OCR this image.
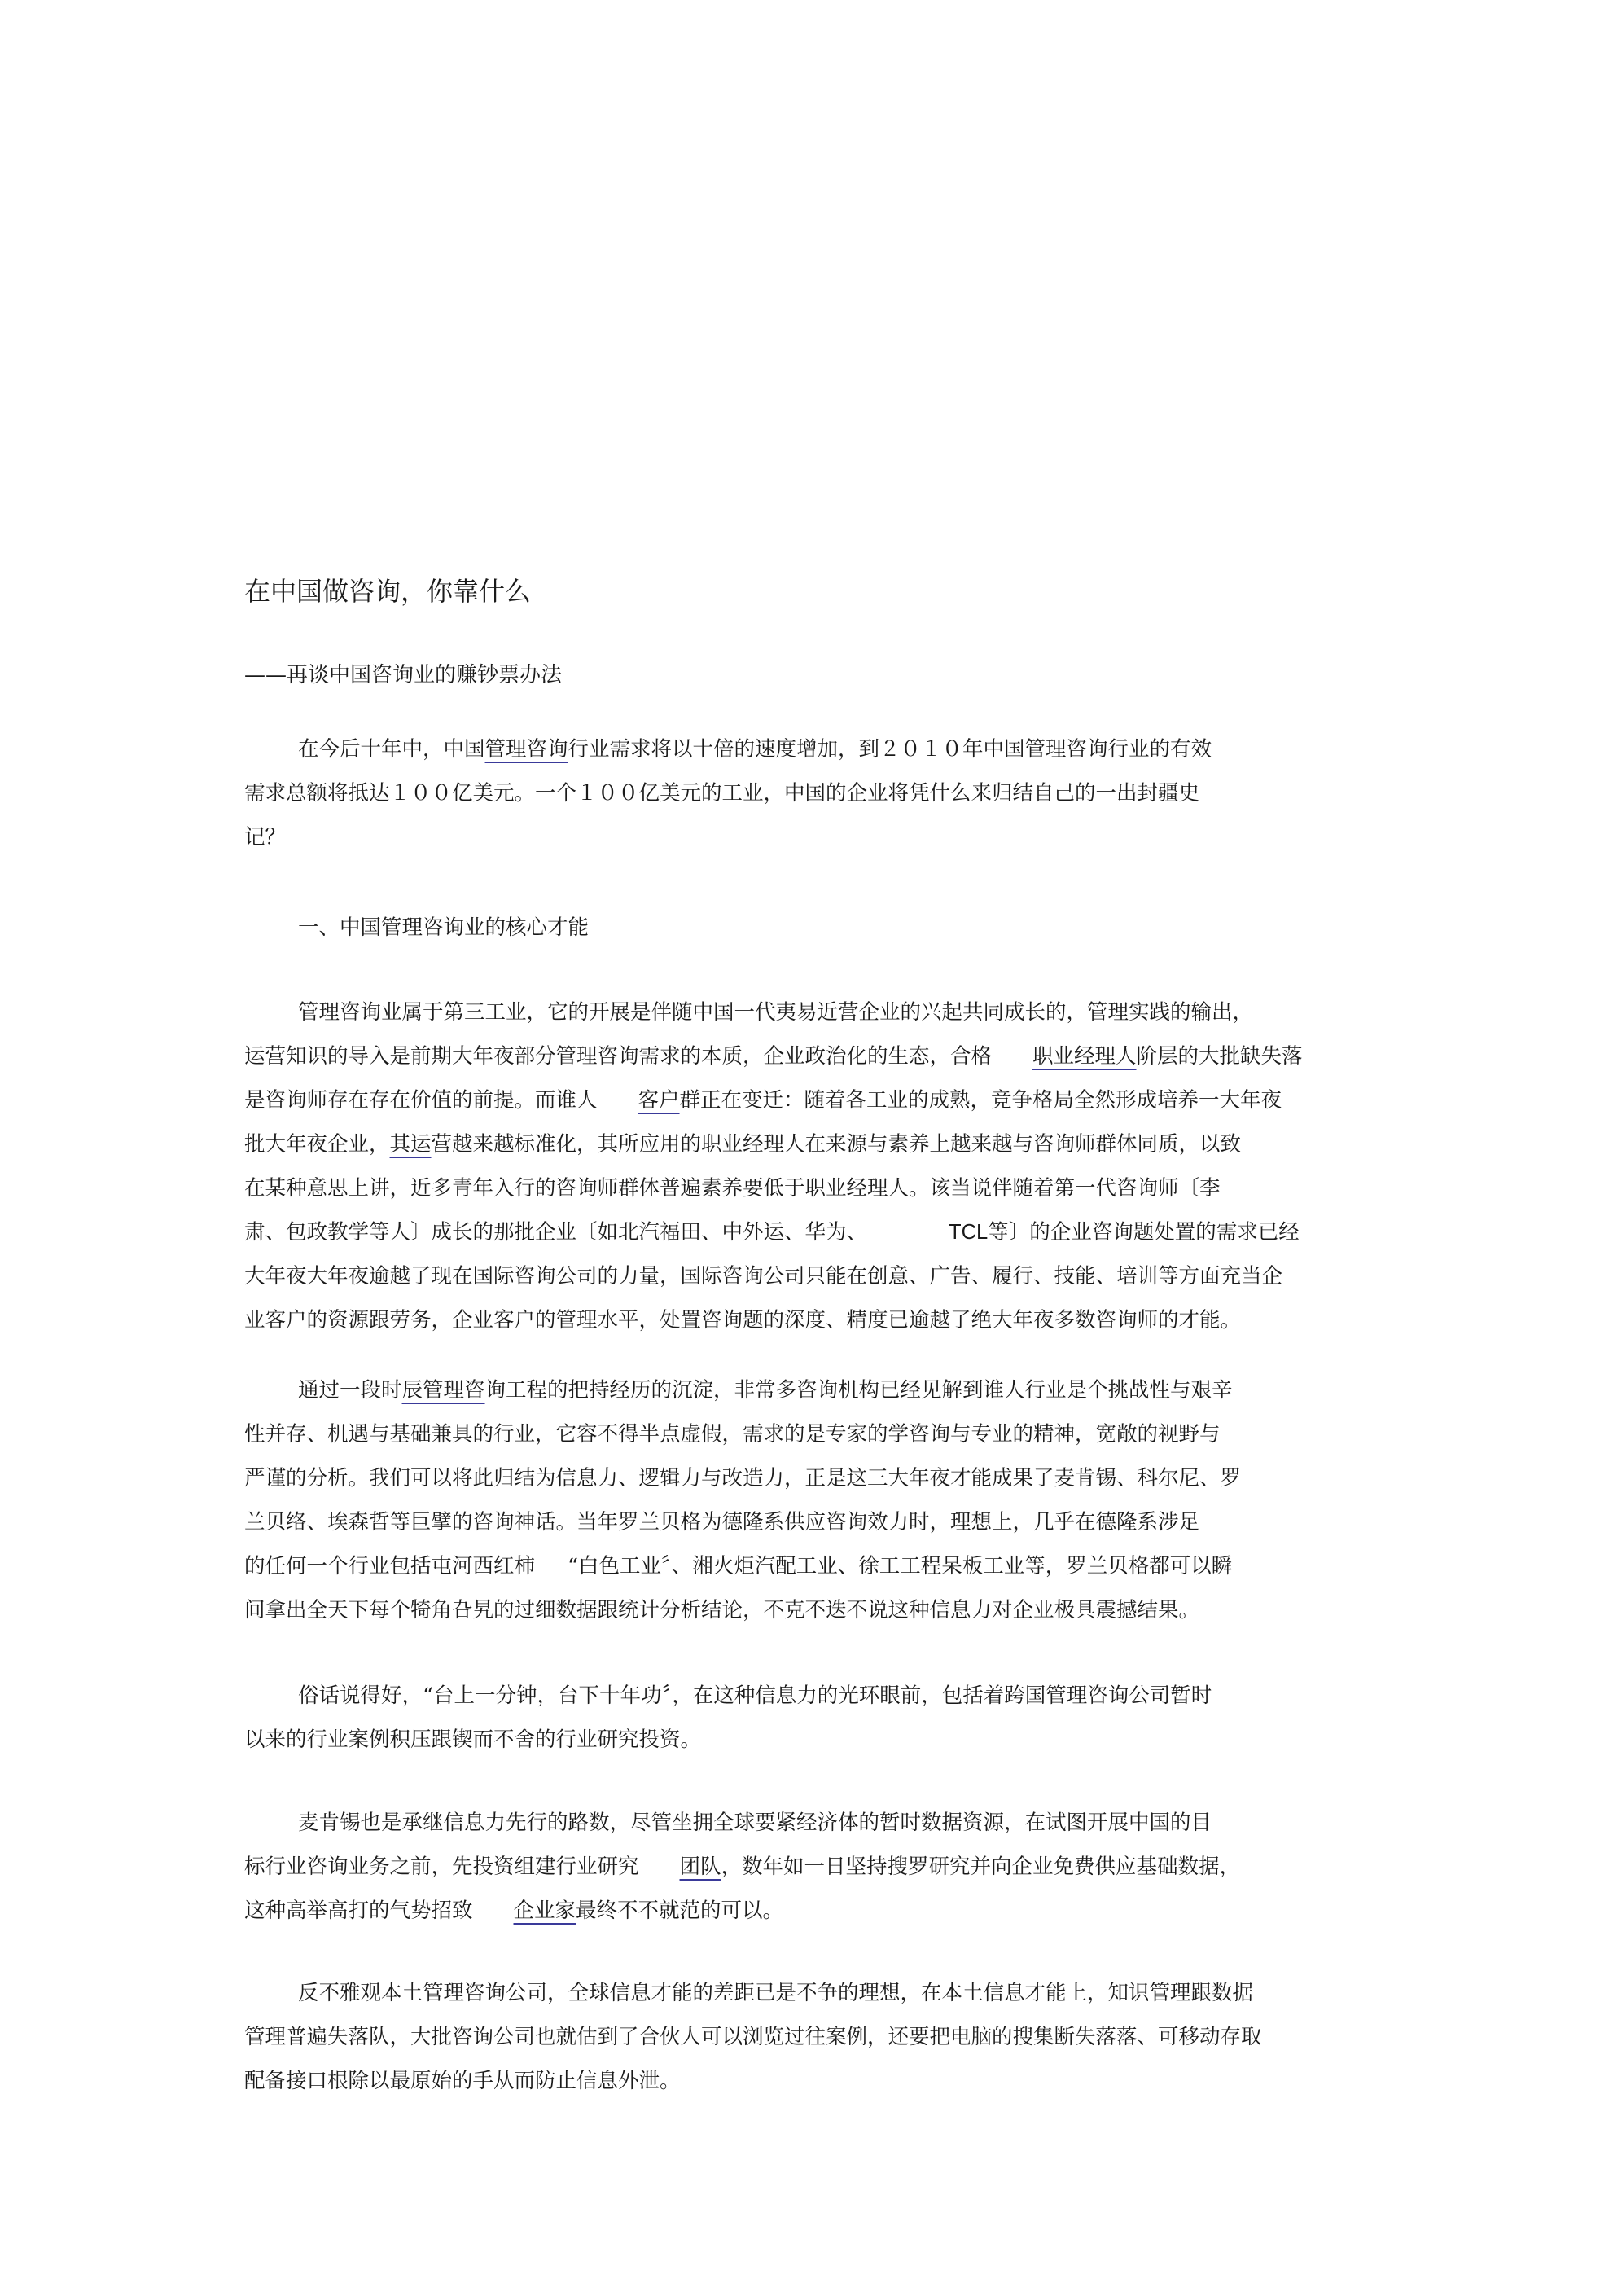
在中国做咨询，你靠什么
——再谈中国咨询业的赚钞票办法
在今后十年中，中国管理咨询行业需求将以十倍的速度增加，到２０１０年中国管理咨询行业的有效
需求总额将抵达１００亿美元。一个１００亿美元的工业，中国的企业将凭什么来归结自己的一出封疆史
记？
一、中国管理咨询业的核心才能
管理咨询业属于第三工业，它的开展是伴随中国一代夷易近营企业的兴起共同成长的，管理实践的输出，
运营知识的导入是前期大年夜部分管理咨询需求的本质，企业政治化的生态，合格 职业经理人阶层的大批缺失落
是咨询师存在存在价值的前提。而谁人 客户群正在变迁：随着各工业的成熟，竞争格局全然形成培养一大年夜
批大年夜企业，其运营越来越标准化，其所应用的职业经理人在来源与素养上越来越与咨询师群体同质，以致
在某种意思上讲，近多青年入行的咨询师群体普遍素养要低于职业经理人。该当说伴随着第一代咨询师〔李
肃、包政教学等人〕成长的那批企业〔如北汽福田、中外运、华为、	TCL等〕的企业咨询题处置的需求已经
大年夜大年夜逾越了现在国际咨询公司的力量，国际咨询公司只能在创意、广告、履行、技能、培训等方面充当企
业客户的资源跟劳务，企业客户的管理水平，处置咨询题的深度、精度已逾越了绝大年夜多数咨询师的才能。
通过一段时辰管理咨询工程的把持经历的沉淀，非常多咨询机构已经见解到谁人行业是个挑战性与艰辛
性并存、机遇与基础兼具的行业，它容不得半点虚假，需求的是专家的学咨询与专业的精神，宽敞的视野与
严谨的分析。我们可以将此归结为信息力、逻辑力与改造力，正是这三大年夜才能成果了麦肯锡、科尔尼、罗
兰贝络、埃森哲等巨擘的咨询神话。当年罗兰贝格为德隆系供应咨询效力时，理想上，几乎在德隆系涉足
的任何一个行业包括屯河西红柿 “白色工业〞、湘火炬汽配工业、徐工工程呆板工业等，罗兰贝格都可以瞬
间拿出全天下每个犄角旮旯的过细数据跟统计分析结论，不克不迭不说这种信息力对企业极具震撼结果。
俗话说得好，“台上一分钟，台下十年功〞，在这种信息力的光环眼前，包括着跨国管理咨询公司暂时
以来的行业案例积压跟锲而不舍的行业研究投资。
麦肯锡也是承继信息力先行的路数，尽管坐拥全球要紧经济体的暂时数据资源，在试图开展中国的目
标行业咨询业务之前，先投资组建行业研究 团队，数年如一日坚持搜罗研究并向企业免费供应基础数据，
这种高举高打的气势招致 企业家最终不不就范的可以。
反不雅观本土管理咨询公司，全球信息才能的差距已是不争的理想，在本土信息才能上，知识管理跟数据
管理普遍失落队，大批咨询公司也就估到了合伙人可以浏览过往案例，还要把电脑的搜集断失落落、可移动存取
配备接口根除以最原始的手从而防止信息外泄。
